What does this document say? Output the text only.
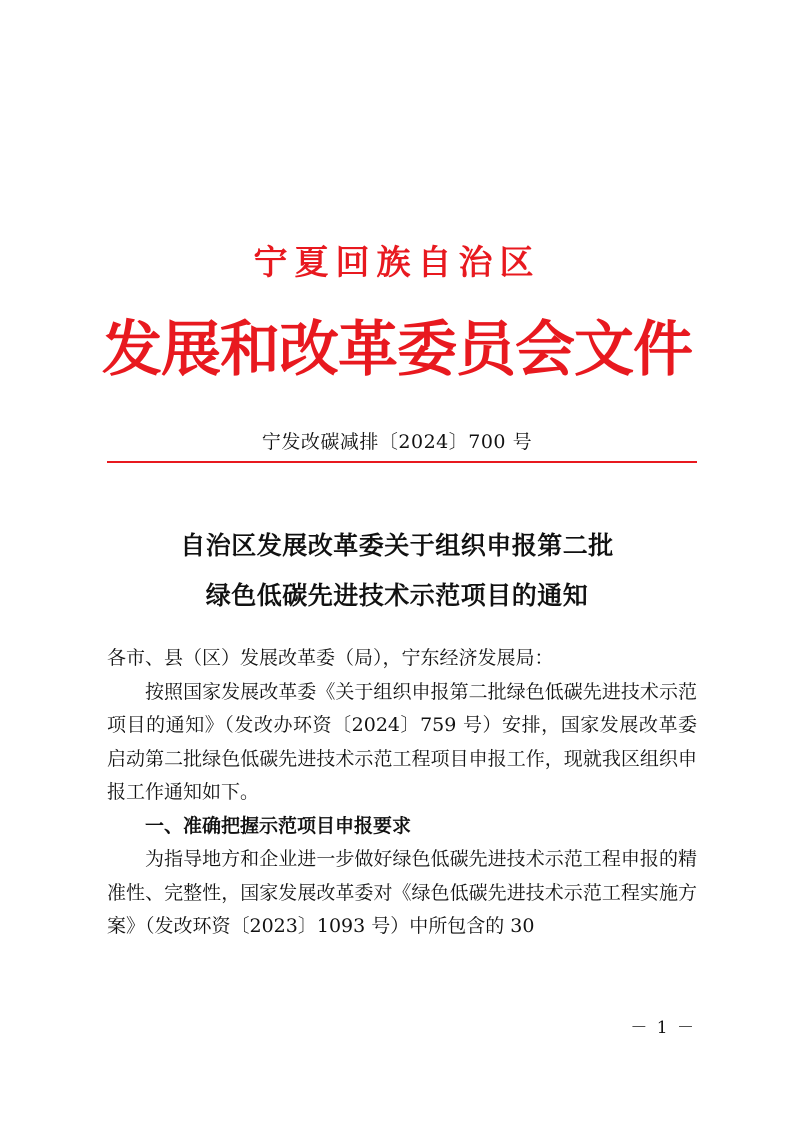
宁夏回族自治区
发展和改革委员会文件
宁发改碳减排〔2024〕700 号
自治区发展改革委关于组织申报第二批
绿色低碳先进技术示范项目的通知

各市、县（区）发展改革委（局），宁东经济发展局：

按照国家发展改革委《关于组织申报第二批绿色低碳先进技术示范项目的通知》（发改办环资〔2024〕759 号）安排，国家发展改革委启动第二批绿色低碳先进技术示范工程项目申报工作，现就我区组织申报工作通知如下。

一、准确把握示范项目申报要求

为指导地方和企业进一步做好绿色低碳先进技术示范工程申报的精准性、完整性，国家发展改革委对《绿色低碳先进技术示范工程实施方案》（发改环资〔2023〕1093 号）中所包含的 30

－ 1 －
